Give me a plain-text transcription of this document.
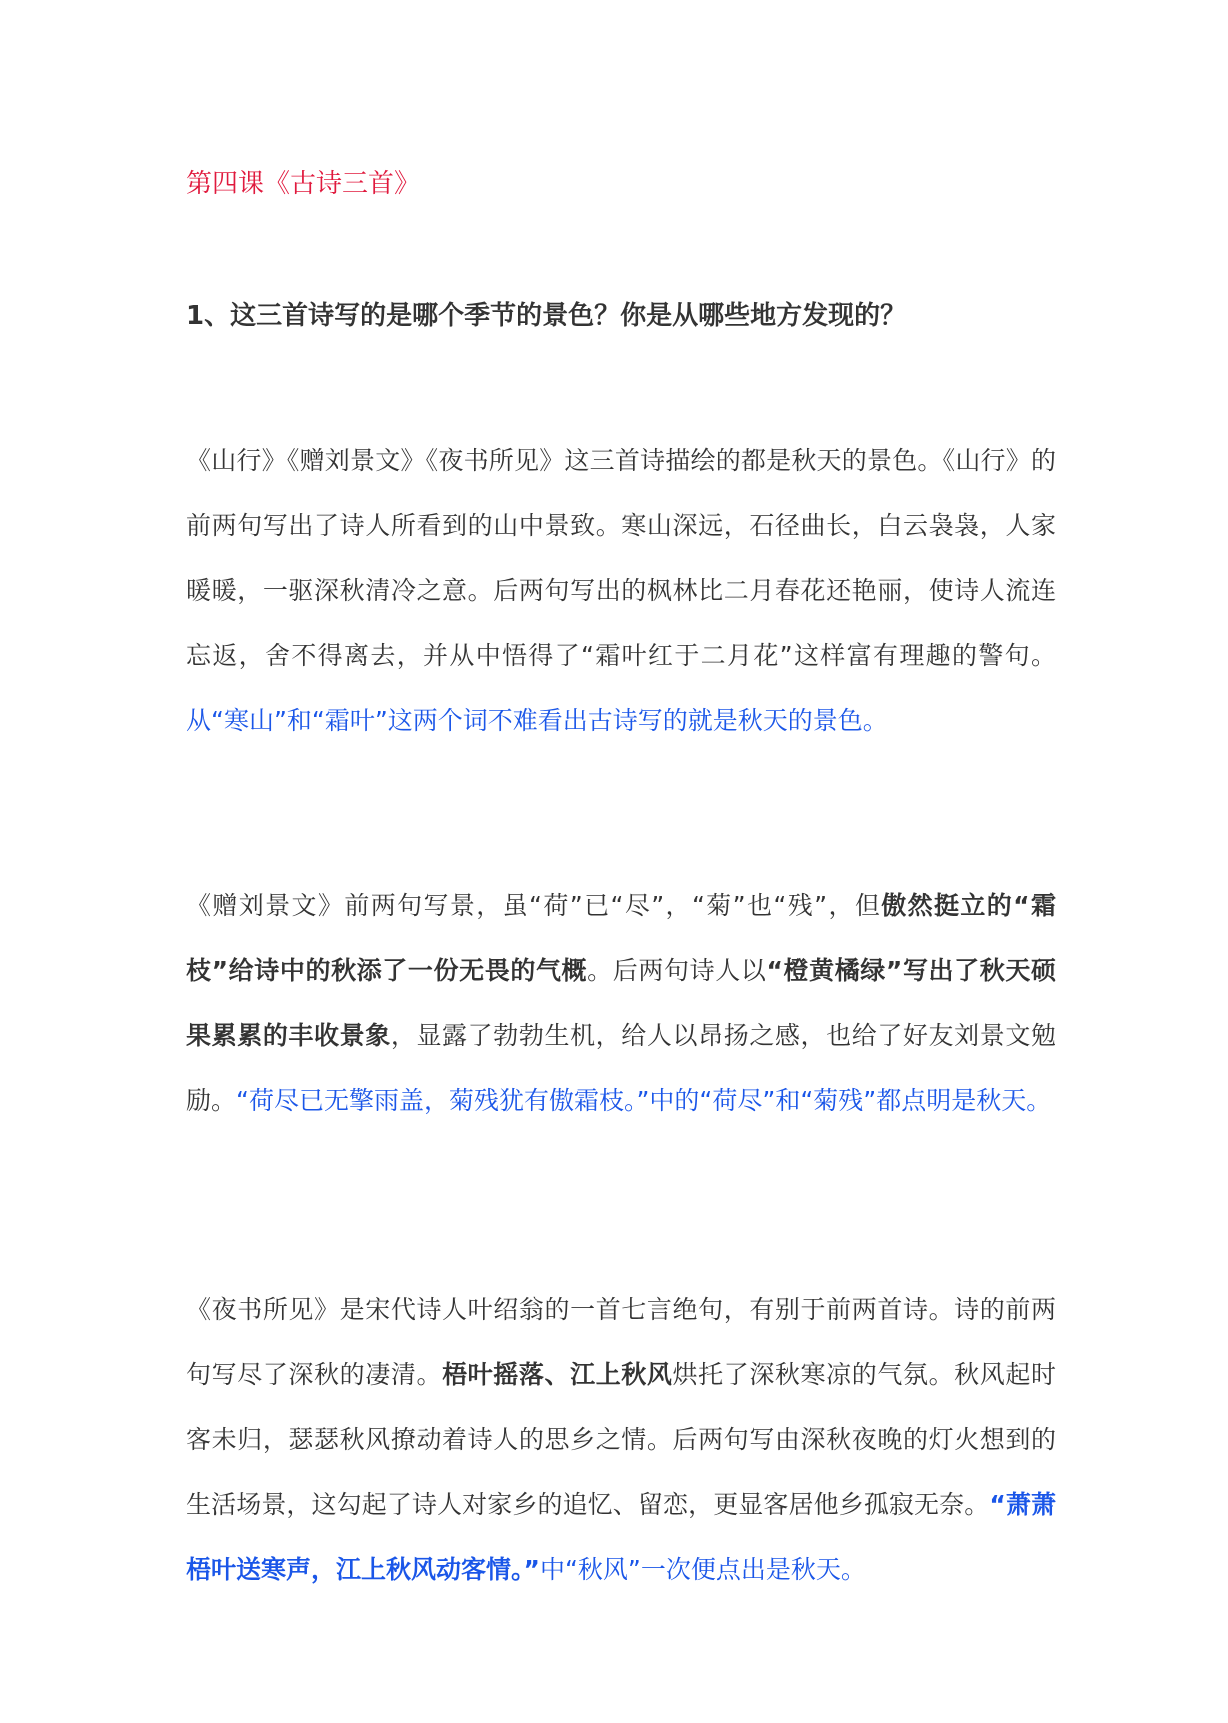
第四课《古诗三首》
1、这三首诗写的是哪个季节的景色？你是从哪些地方发现的？
《山行》《赠刘景文》《夜书所见》这三首诗描绘的都是秋天的景色。《山行》的前两句写出了诗人所看到的山中景致。寒山深远，石径曲长，白云袅袅，人家暖暖，一驱深秋清冷之意。后两句写出的枫林比二月春花还艳丽，使诗人流连忘返，舍不得离去，并从中悟得了“霜叶红于二月花”这样富有理趣的警句。从“寒山”和“霜叶”这两个词不难看出古诗写的就是秋天的景色。
《赠刘景文》前两句写景，虽“荷”已“尽”，“菊”也“残”，但傲然挺立的“霜枝”给诗中的秋添了一份无畏的气概。后两句诗人以“橙黄橘绿”写出了秋天硕果累累的丰收景象，显露了勃勃生机，给人以昂扬之感，也给了好友刘景文勉励。“荷尽已无擎雨盖，菊残犹有傲霜枝。”中的“荷尽”和“菊残”都点明是秋天。
《夜书所见》是宋代诗人叶绍翁的一首七言绝句，有别于前两首诗。诗的前两句写尽了深秋的凄清。梧叶摇落、江上秋风烘托了深秋寒凉的气氛。秋风起时客未归，瑟瑟秋风撩动着诗人的思乡之情。后两句写由深秋夜晚的灯火想到的生活场景，这勾起了诗人对家乡的追忆、留恋，更显客居他乡孤寂无奈。“萧萧梧叶送寒声，江上秋风动客情。”中“秋风”一次便点出是秋天。
